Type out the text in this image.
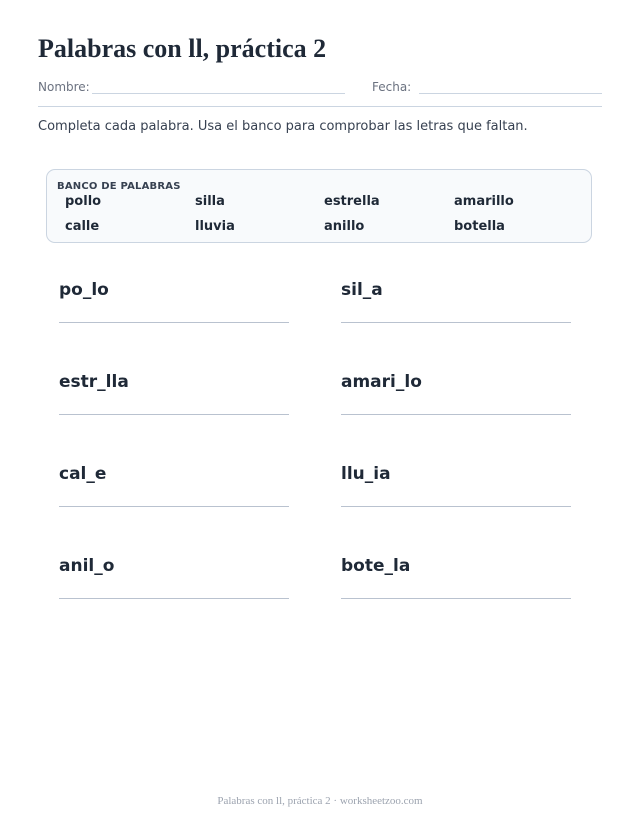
Palabras con ll, práctica 2
Nombre:	Fecha:
Completa cada palabra. Usa el banco para comprobar las letras que faltan.
BANCO DE PALABRAS
pollo	silla	estrella	amarillo
calle	lluvia	anillo	botella
po_lo	sil_a
estr_lla	amari_lo
cal_e	llu_ia
anil_o	bote_la
Palabras con ll, práctica 2 · worksheetzoo.com
